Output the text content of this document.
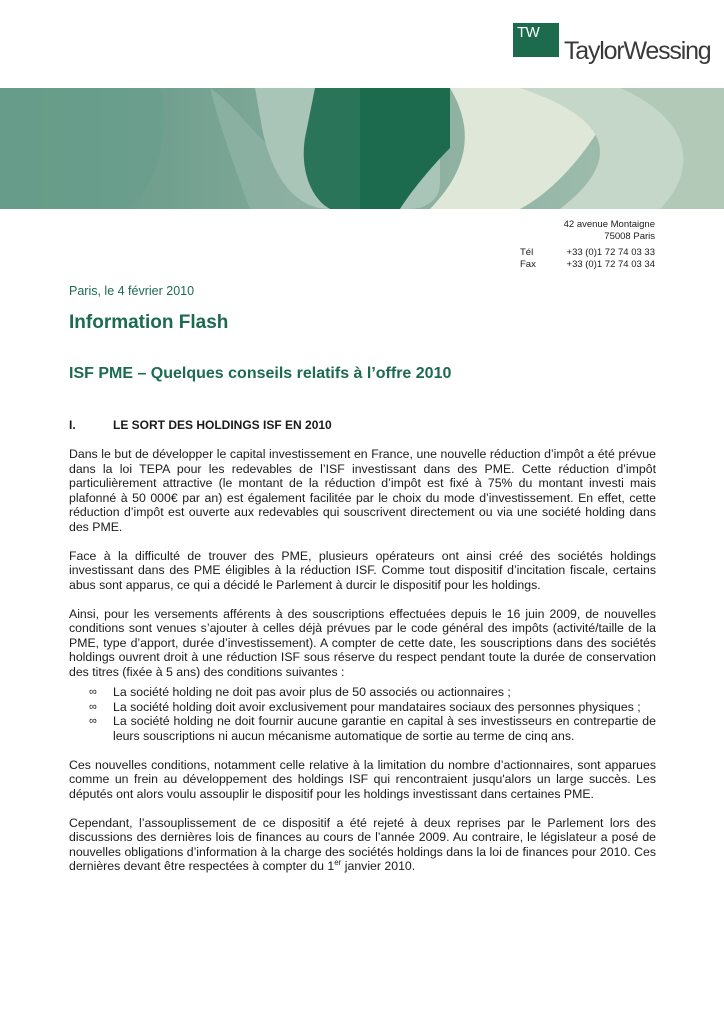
TW
TaylorWessing
42 avenue Montaigne
75008 Paris
Tél	+33 (0)1 72 74 03 33
Fax	+33 (0)1 72 74 03 34
Paris, le 4 février 2010
Information Flash
ISF PME – Quelques conseils relatifs à l’offre 2010
I.	LE SORT DES HOLDINGS ISF EN 2010

Dans le but de développer le capital investissement en France, une nouvelle réduction d’impôt a été prévue dans la loi TEPA pour les redevables de l’ISF investissant dans des PME. Cette réduction d’impôt particulièrement attractive (le montant de la réduction d’impôt est fixé à 75% du montant investi mais plafonné à 50 000€ par an) est également facilitée par le choix du mode d’investissement. En effet, cette réduction d’impôt est ouverte aux redevables qui souscrivent directement ou via une société holding dans des PME.

Face à la difficulté de trouver des PME, plusieurs opérateurs ont ainsi créé des sociétés holdings investissant dans des PME éligibles à la réduction ISF. Comme tout dispositif d’incitation fiscale, certains abus sont apparus, ce qui a décidé le Parlement à durcir le dispositif pour les holdings.

Ainsi, pour les versements afférents à des souscriptions effectuées depuis le 16 juin 2009, de nouvelles conditions sont venues s’ajouter à celles déjà prévues par le code général des impôts (activité/taille de la PME, type d’apport, durée d’investissement). A compter de cette date, les souscriptions dans des sociétés holdings ouvrent droit à une réduction ISF sous réserve du respect pendant toute la durée de conservation des titres (fixée à 5 ans) des conditions suivantes :

∞ La société holding ne doit pas avoir plus de 50 associés ou actionnaires ;
∞ La société holding doit avoir exclusivement pour mandataires sociaux des personnes physiques ;
∞ La société holding ne doit fournir aucune garantie en capital à ses investisseurs en contrepartie de leurs souscriptions ni aucun mécanisme automatique de sortie au terme de cinq ans.

Ces nouvelles conditions, notamment celle relative à la limitation du nombre d’actionnaires, sont apparues comme un frein au développement des holdings ISF qui rencontraient jusqu'alors un large succès. Les députés ont alors voulu assouplir le dispositif pour les holdings investissant dans certaines PME.

Cependant, l’assouplissement de ce dispositif a été rejeté à deux reprises par le Parlement lors des discussions des dernières lois de finances au cours de l’année 2009. Au contraire, le législateur a posé de nouvelles obligations d’information à la charge des sociétés holdings dans la loi de finances pour 2010. Ces dernières devant être respectées à compter du 1er janvier 2010.
